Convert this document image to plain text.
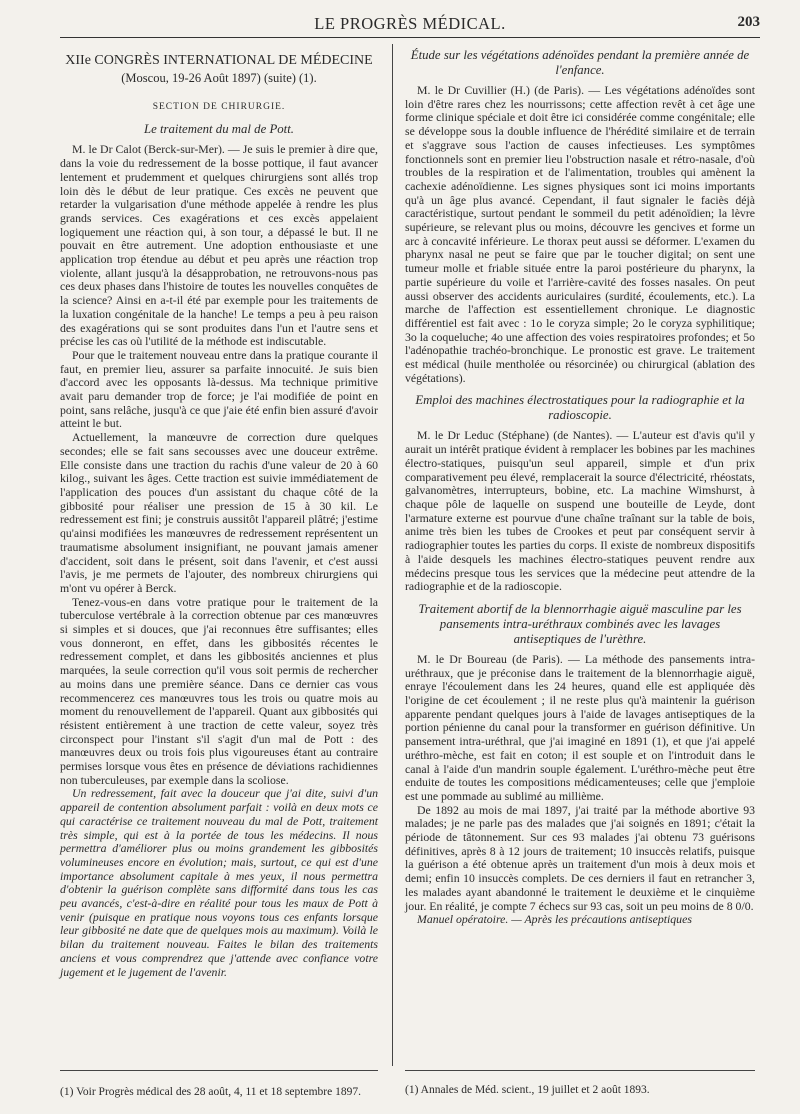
LE PROGRÈS MÉDICAL.	203
XIIe CONGRÈS INTERNATIONAL DE MÉDECINE
(Moscou, 19-26 Août 1897) (suite) (1).
SECTION DE CHIRURGIE.
Le traitement du mal de Pott.

M. le Dr Calot (Berck-sur-Mer). — Je suis le premier à dire que, dans la voie du redressement de la bosse pottique, il faut avancer lentement et prudemment et quelques chirurgiens sont allés trop loin dès le début de leur pratique. Ces excès ne peuvent que retarder la vulgarisation d'une méthode appelée à rendre les plus grands services. Ces exagérations et ces excès appelaient logiquement une réaction qui, à son tour, a dépassé le but. Il ne pouvait en être autrement. Une adoption enthousiaste et une application trop étendue au début et peu après une réaction trop violente, allant jusqu'à la désapprobation, ne retrouvons-nous pas ces deux phases dans l'histoire de toutes les nouvelles conquêtes de la science? Ainsi en a-t-il été par exemple pour les traitements de la luxation congénitale de la hanche! Le temps a peu à peu raison des exagérations qui se sont produites dans l'un et l'autre sens et précise les cas où l'utilité de la méthode est indiscutable.

Pour que le traitement nouveau entre dans la pratique courante il faut, en premier lieu, assurer sa parfaite innocuité. Je suis bien d'accord avec les opposants là-dessus. Ma technique primitive avait paru demander trop de force; je l'ai modifiée de point en point, sans relâche, jusqu'à ce que j'aie été enfin bien assuré d'avoir atteint le but.

Actuellement, la manœuvre de correction dure quelques secondes; elle se fait sans secousses avec une douceur extrême. Elle consiste dans une traction du rachis d'une valeur de 20 à 60 kilog., suivant les âges. Cette traction est suivie immédiatement de l'application des pouces d'un assistant du chaque côté de la gibbosité pour réaliser une pression de 15 à 30 kil. Le redressement est fini; je construis aussitôt l'appareil plâtré; j'estime qu'ainsi modifiées les manœuvres de redressement représentent un traumatisme absolument insignifiant, ne pouvant jamais amener d'accident, soit dans le présent, soit dans l'avenir, et c'est aussi l'avis, je me permets de l'ajouter, des nombreux chirurgiens qui m'ont vu opérer à Berck.

Tenez-vous-en dans votre pratique pour le traitement de la tuberculose vertébrale à la correction obtenue par ces manœuvres si simples et si douces, que j'ai reconnues être suffisantes; elles vous donneront, en effet, dans les gibbosités récentes le redressement complet, et dans les gibbosités anciennes et plus marquées, la seule correction qu'il vous soit permis de rechercher au moins dans une première séance. Dans ce dernier cas vous recommencerez ces manœuvres tous les trois ou quatre mois au moment du renouvellement de l'appareil. Quant aux gibbosités qui résistent entièrement à une traction de cette valeur, soyez très circonspect pour l'instant s'il s'agit d'un mal de Pott : des manœuvres deux ou trois fois plus vigoureuses étant au contraire permises lorsque vous êtes en présence de déviations rachidiennes non tuberculeuses, par exemple dans la scoliose.

Un redressement, fait avec la douceur que j'ai dite, suivi d'un appareil de contention absolument parfait : voilà en deux mots ce qui caractérise ce traitement nouveau du mal de Pott, traitement très simple, qui est à la portée de tous les médecins. Il nous permettra d'améliorer plus ou moins grandement les gibbosités volumineuses encore en évolution; mais, surtout, ce qui est d'une importance absolument capitale à mes yeux, il nous permettra d'obtenir la guérison complète sans difformité dans tous les cas peu avancés, c'est-à-dire en réalité pour tous les maux de Pott à venir (puisque en pratique nous voyons tous ces enfants lorsque leur gibbosité ne date que de quelques mois au maximum). Voilà le bilan du traitement nouveau. Faites le bilan des traitements anciens et vous comprendrez que j'attende avec confiance votre jugement et le jugement de l'avenir.

Étude sur les végétations adénoïdes pendant la première année de l'enfance.

M. le Dr Cuvillier (H.) (de Paris). — Les végétations adénoïdes sont loin d'être rares chez les nourrissons; cette affection revêt à cet âge une forme clinique spéciale et doit être ici considérée comme congénitale; elle se développe sous la double influence de l'hérédité similaire et de terrain et s'aggrave sous l'action de causes infectieuses. Les symptômes fonctionnels sont en premier lieu l'obstruction nasale et rétro-nasale, d'où troubles de la respiration et de l'alimentation, troubles qui amènent la cachexie adénoïdienne. Les signes physiques sont ici moins importants qu'à un âge plus avancé. Cependant, il faut signaler le faciès déjà caractéristique, surtout pendant le sommeil du petit adénoïdien; la lèvre supérieure, se relevant plus ou moins, découvre les gencives et forme un arc à concavité inférieure. Le thorax peut aussi se déformer. L'examen du pharynx nasal ne peut se faire que par le toucher digital; on sent une tumeur molle et friable située entre la paroi postérieure du pharynx, la partie supérieure du voile et l'arrière-cavité des fosses nasales. On peut aussi observer des accidents auriculaires (surdité, écoulements, etc.). La marche de l'affection est essentiellement chronique. Le diagnostic différentiel est fait avec : 1o le coryza simple; 2o le coryza syphilitique; 3o la coqueluche; 4o une affection des voies respiratoires profondes; et 5o l'adénopathie trachéo-bronchique. Le pronostic est grave. Le traitement est médical (huile mentholée ou résorcinée) ou chirurgical (ablation des végétations).

Emploi des machines électrostatiques pour la radiographie et la radioscopie.

M. le Dr Leduc (Stéphane) (de Nantes). — L'auteur est d'avis qu'il y aurait un intérêt pratique évident à remplacer les bobines par les machines électro-statiques, puisqu'un seul appareil, simple et d'un prix comparativement peu élevé, remplacerait la source d'électricité, rhéostats, galvanomètres, interrupteurs, bobine, etc. La machine Wimshurst, à chaque pôle de laquelle on suspend une bouteille de Leyde, dont l'armature externe est pourvue d'une chaîne traînant sur la table de bois, anime très bien les tubes de Crookes et peut par conséquent servir à radiographier toutes les parties du corps. Il existe de nombreux dispositifs à l'aide desquels les machines électro-statiques peuvent rendre aux médecins presque tous les services que la médecine peut attendre de la radiographie et de la radioscopie.

Traitement abortif de la blennorrhagie aiguë masculine par les pansements intra-uréthraux combinés avec les lavages antiseptiques de l'urèthre.

M. le Dr Boureau (de Paris). — La méthode des pansements intra-uréthraux, que je préconise dans le traitement de la blennorrhagie aiguë, enraye l'écoulement dans les 24 heures, quand elle est appliquée dès l'origine de cet écoulement ; il ne reste plus qu'à maintenir la guérison apparente pendant quelques jours à l'aide de lavages antiseptiques de la portion pénienne du canal pour la transformer en guérison définitive. Un pansement intra-uréthral, que j'ai imaginé en 1891 (1), et que j'ai appelé uréthro-mèche, est fait en coton; il est souple et on l'introduit dans le canal à l'aide d'un mandrin souple également. L'uréthro-mèche peut être enduite de toutes les compositions médicamenteuses; celle que j'emploie est une pommade au sublimé au millième.

De 1892 au mois de mai 1897, j'ai traité par la méthode abortive 93 malades; je ne parle pas des malades que j'ai soignés en 1891; c'était la période de tâtonnement. Sur ces 93 malades j'ai obtenu 73 guérisons définitives, après 8 à 12 jours de traitement; 10 insuccès relatifs, puisque la guérison a été obtenue après un traitement d'un mois à deux mois et demi; enfin 10 insuccès complets. De ces derniers il faut en retrancher 3, les malades ayant abandonné le traitement le deuxième et le cinquième jour. En réalité, je compte 7 échecs sur 93 cas, soit un peu moins de 8 0/0.

Manuel opératoire. — Après les précautions antiseptiques

(1) Voir Progrès médical des 28 août, 4, 11 et 18 septembre 1897.	(1) Annales de Méd. scient., 19 juillet et 2 août 1893.
